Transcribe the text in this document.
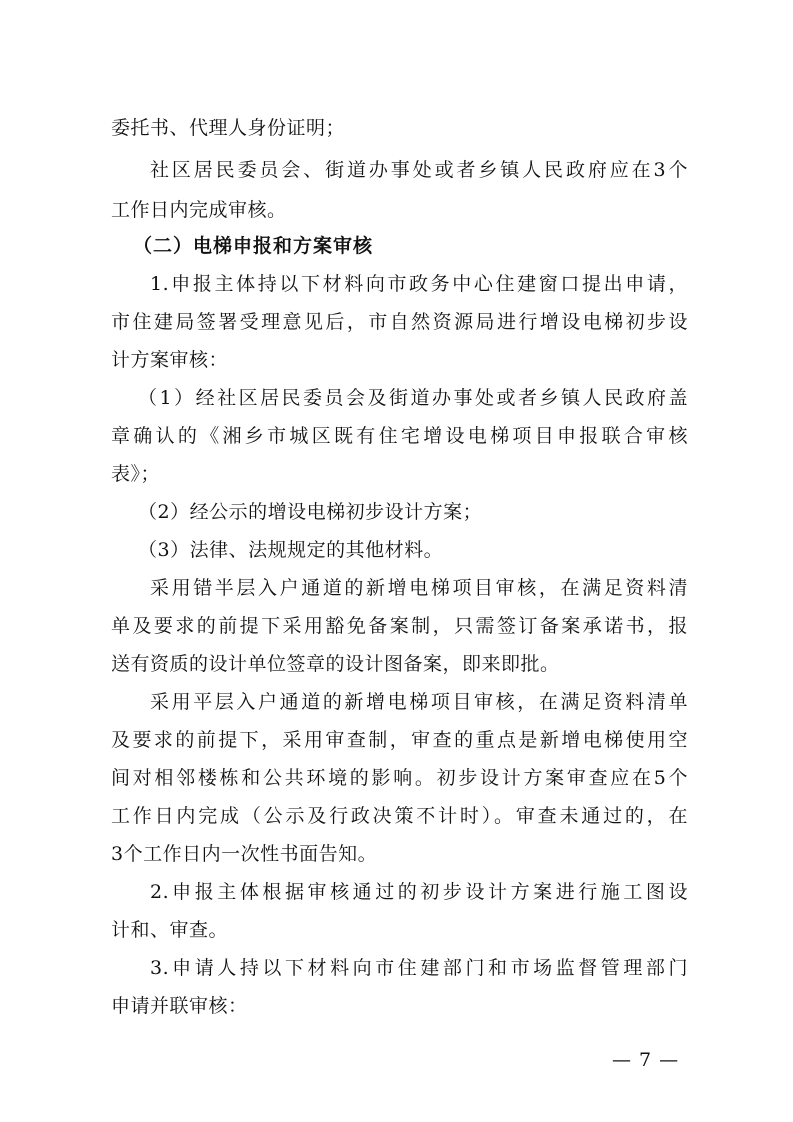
委托书、代理人身份证明；
社区居民委员会、街道办事处或者乡镇人民政府应在3个
工作日内完成审核。
（二）电梯申报和方案审核
1.申报主体持以下材料向市政务中心住建窗口提出申请，
市住建局签署受理意见后，市自然资源局进行增设电梯初步设
计方案审核：
（1）经社区居民委员会及街道办事处或者乡镇人民政府盖
章确认的《湘乡市城区既有住宅增设电梯项目申报联合审核
表》；
（2）经公示的增设电梯初步设计方案；
（3）法律、法规规定的其他材料。
采用错半层入户通道的新增电梯项目审核，在满足资料清
单及要求的前提下采用豁免备案制，只需签订备案承诺书，报
送有资质的设计单位签章的设计图备案，即来即批。
采用平层入户通道的新增电梯项目审核，在满足资料清单
及要求的前提下，采用审查制，审查的重点是新增电梯使用空
间对相邻楼栋和公共环境的影响。初步设计方案审查应在5个
工作日内完成（公示及行政决策不计时）。审查未通过的，在
3个工作日内一次性书面告知。
2.申报主体根据审核通过的初步设计方案进行施工图设
计和、审查。
3.申请人持以下材料向市住建部门和市场监督管理部门
申请并联审核：
— 7 —
